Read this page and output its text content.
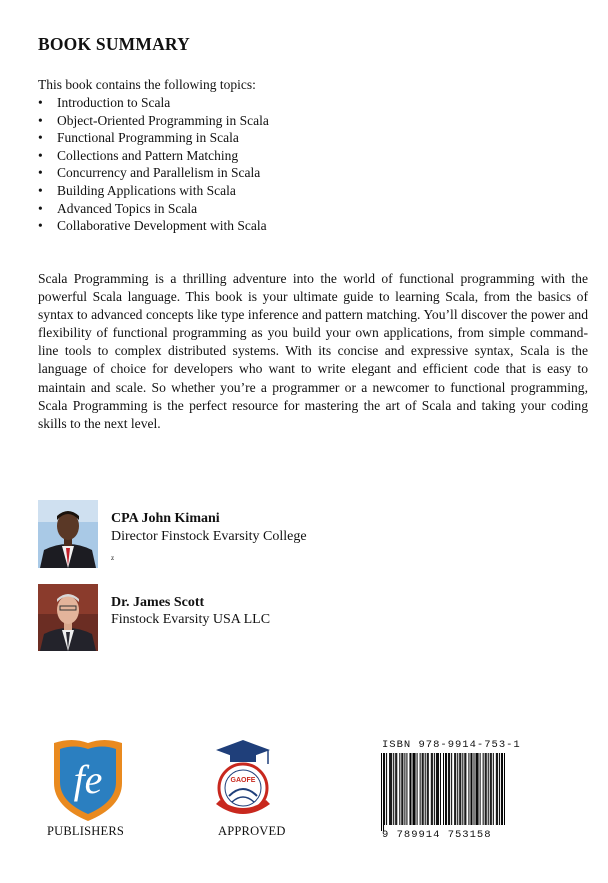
BOOK SUMMARY
This book contains the following topics:
• Introduction to Scala
• Object-Oriented Programming in Scala
• Functional Programming in Scala
• Collections and Pattern Matching
• Concurrency and Parallelism in Scala
• Building Applications with Scala
• Advanced Topics in Scala
• Collaborative Development with Scala
Scala Programming is a thrilling adventure into the world of functional programming with the powerful Scala language. This book is your ultimate guide to learning Scala, from the basics of syntax to advanced concepts like type inference and pattern matching. You’ll discover the power and flexibility of functional programming as you build your own applications, from simple command-line tools to complex distributed systems. With its concise and expressive syntax, Scala is the language of choice for developers who want to write elegant and efficient code that is easy to maintain and scale. So whether you’re a programmer or a newcomer to functional programming, Scala Programming is the perfect resource for mastering the art of Scala and taking your coding skills to the next level.
CPA John Kimani
Director Finstock Evarsity College
z
Dr. James Scott
Finstock Evarsity USA LLC
fe
PUBLISHERS
GAOFE
APPROVED
ISBN 978-9914-753-1
9 789914 753158
